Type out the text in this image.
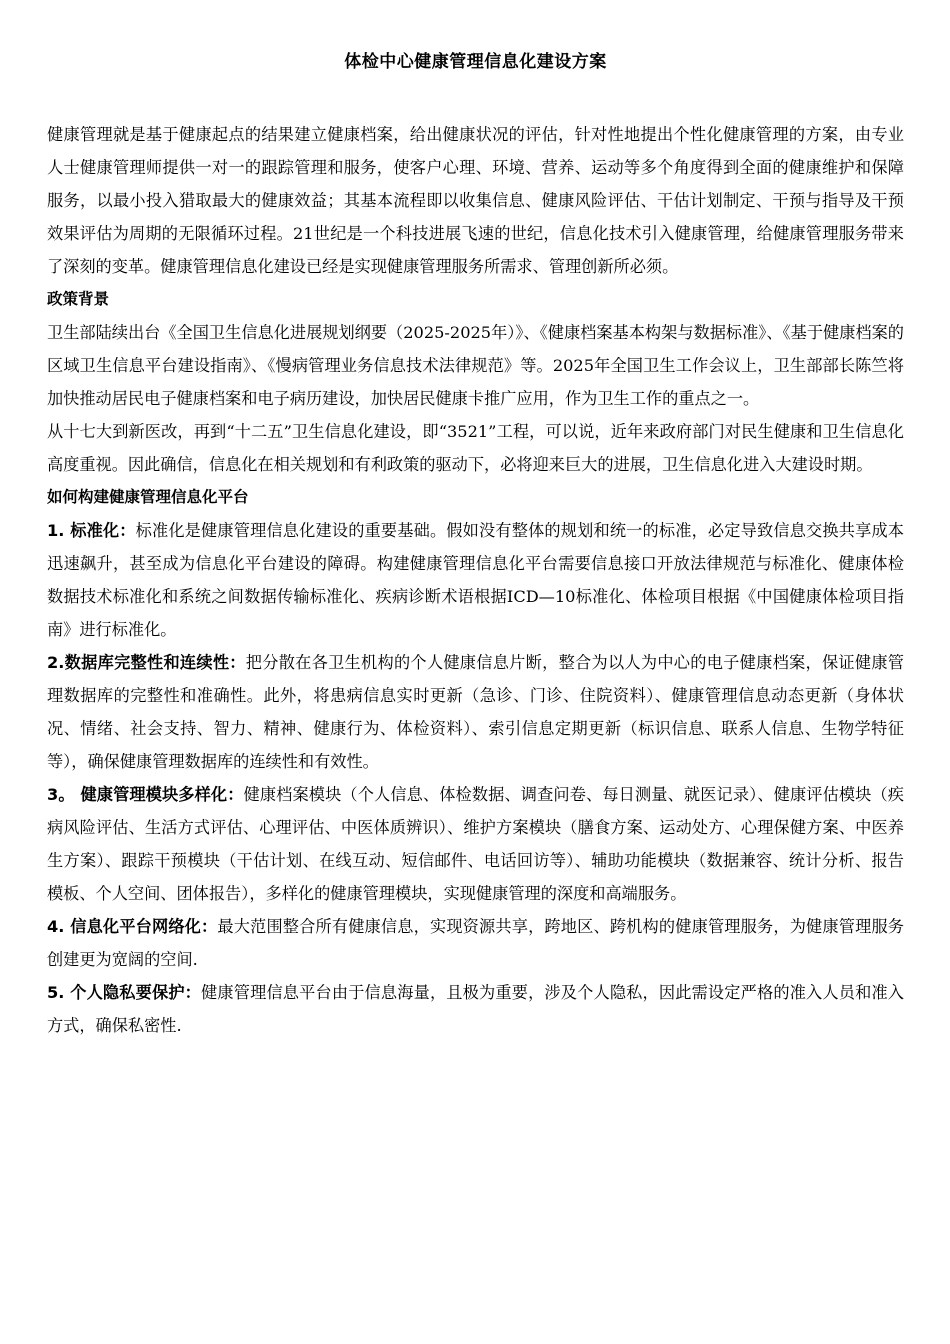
体检中心健康管理信息化建设方案

健康管理就是基于健康起点的结果建立健康档案，给出健康状况的评估，针对性地提出个性化健康管理的方案，由专业人士健康管理师提供一对一的跟踪管理和服务，使客户心理、环境、营养、运动等多个角度得到全面的健康维护和保障服务，以最小投入猎取最大的健康效益；其基本流程即以收集信息、健康风险评估、干估计划制定、干预与指导及干预效果评估为周期的无限循环过程。21世纪是一个科技进展飞速的世纪，信息化技术引入健康管理，给健康管理服务带来了深刻的变革。健康管理信息化建设已经是实现健康管理服务所需求、管理创新所必须。

政策背景

卫生部陆续出台《全国卫生信息化进展规划纲要（2025-2025年）》、《健康档案基本构架与数据标准》、《基于健康档案的区域卫生信息平台建设指南》、《慢病管理业务信息技术法律规范》等。2025年全国卫生工作会议上，卫生部部长陈竺将加快推动居民电子健康档案和电子病历建设，加快居民健康卡推广应用，作为卫生工作的重点之一。

从十七大到新医改，再到“十二五”卫生信息化建设，即“3521”工程，可以说，近年来政府部门对民生健康和卫生信息化高度重视。因此确信，信息化在相关规划和有利政策的驱动下，必将迎来巨大的进展，卫生信息化进入大建设时期。

如何构建健康管理信息化平台

1. 标准化：标准化是健康管理信息化建设的重要基础。假如没有整体的规划和统一的标准，必定导致信息交换共享成本迅速飙升，甚至成为信息化平台建设的障碍。构建健康管理信息化平台需要信息接口开放法律规范与标准化、健康体检数据技术标准化和系统之间数据传输标准化、疾病诊断术语根据ICD—10标准化、体检项目根据《中国健康体检项目指南》进行标准化。

2.数据库完整性和连续性：把分散在各卫生机构的个人健康信息片断，整合为以人为中心的电子健康档案，保证健康管理数据库的完整性和准确性。此外，将患病信息实时更新（急诊、门诊、住院资料）、健康管理信息动态更新（身体状况、情绪、社会支持、智力、精神、健康行为、体检资料）、索引信息定期更新（标识信息、联系人信息、生物学特征等），确保健康管理数据库的连续性和有效性。

3。 健康管理模块多样化：健康档案模块（个人信息、体检数据、调查问卷、每日测量、就医记录）、健康评估模块（疾病风险评估、生活方式评估、心理评估、中医体质辨识）、维护方案模块（膳食方案、运动处方、心理保健方案、中医养生方案）、跟踪干预模块（干估计划、在线互动、短信邮件、电话回访等）、辅助功能模块（数据兼容、统计分析、报告模板、个人空间、团体报告），多样化的健康管理模块，实现健康管理的深度和高端服务。

4. 信息化平台网络化：最大范围整合所有健康信息，实现资源共享，跨地区、跨机构的健康管理服务，为健康管理服务创建更为宽阔的空间.

5. 个人隐私要保护：健康管理信息平台由于信息海量，且极为重要，涉及个人隐私，因此需设定严格的准入人员和准入方式，确保私密性.
